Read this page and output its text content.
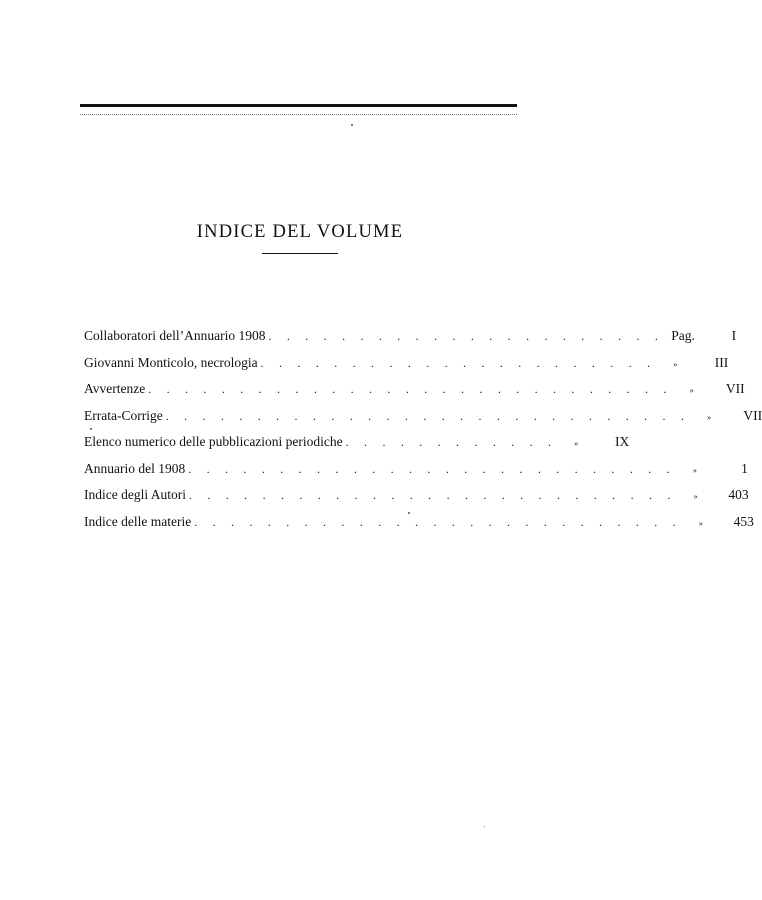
INDICE DEL VOLUME
Collaboratori dell’Annuario 1908 . . . . . . . . . . . . . . . . . . . . . . Pag.	I
Giovanni Monticolo, necrologia . . . . . . . . . . . . . . . . . . . . . .	»	III
Avvertenze . . . . . . . . . . . . . . . . . . . . . . . . . . . . .	»	VII
Errata-Corrige . . . . . . . . . . . . . . . . . . . . . . . . . . . . .	»	VII
Elenco numerico delle pubblicazioni periodiche . . . . . . . . . . . .	»	IX
Annuario del 1908 . . . . . . . . . . . . . . . . . . . . . . . . . . .	»	1
Indice degli Autori . . . . . . . . . . . . . . . . . . . . . . . . . . .	»	403
Indice delle materie . . . . . . . . . . . . . . . . . . . . . . . . . . .	»	453
